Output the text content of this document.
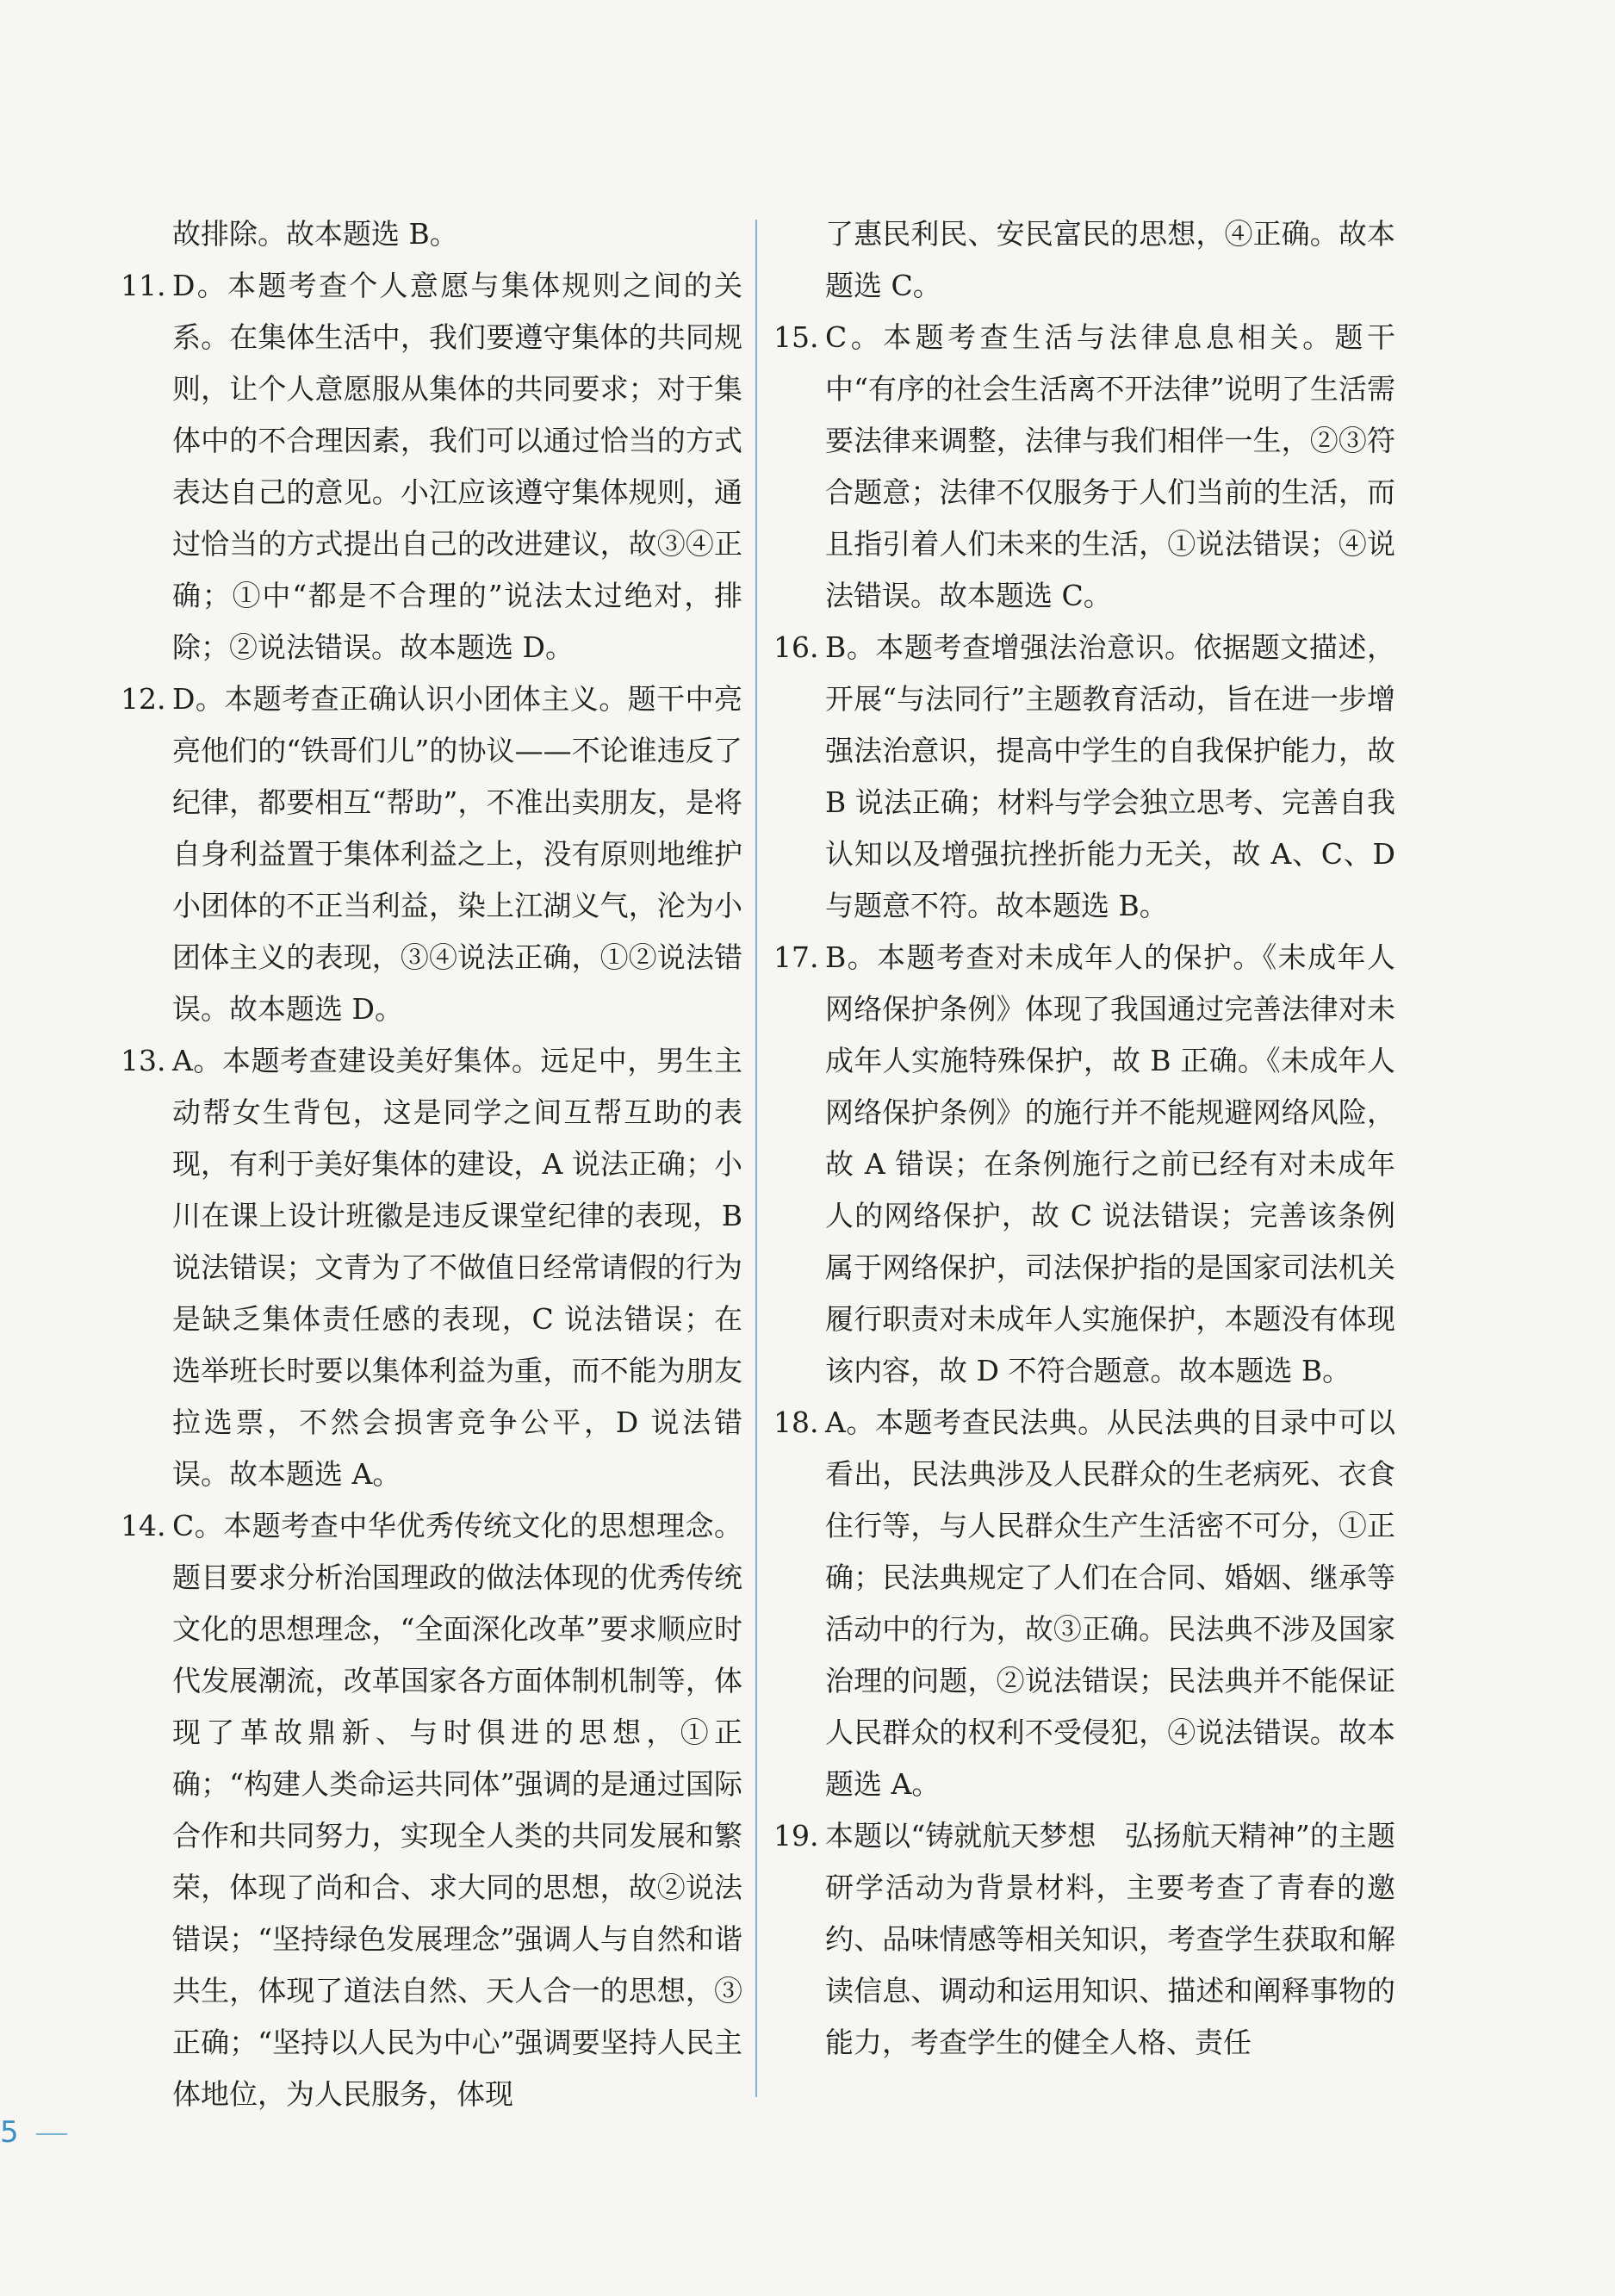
故排除。故本题选 B。

11. D。本题考查个人意愿与集体规则之间的关系。在集体生活中，我们要遵守集体的共同规则，让个人意愿服从集体的共同要求；对于集体中的不合理因素，我们可以通过恰当的方式表达自己的意见。小江应该遵守集体规则，通过恰当的方式提出自己的改进建议，故③④正确；①中“都是不合理的”说法太过绝对，排除；②说法错误。故本题选 D。

12. D。本题考查正确认识小团体主义。题干中亮亮他们的“铁哥们儿”的协议——不论谁违反了纪律，都要相互“帮助”，不准出卖朋友，是将自身利益置于集体利益之上，没有原则地维护小团体的不正当利益，染上江湖义气，沦为小团体主义的表现，③④说法正确，①②说法错误。故本题选 D。

13. A。本题考查建设美好集体。远足中，男生主动帮女生背包，这是同学之间互帮互助的表现，有利于美好集体的建设，A 说法正确；小川在课上设计班徽是违反课堂纪律的表现，B 说法错误；文青为了不做值日经常请假的行为是缺乏集体责任感的表现，C 说法错误；在选举班长时要以集体利益为重，而不能为朋友拉选票，不然会损害竞争公平，D 说法错误。故本题选 A。

14. C。本题考查中华优秀传统文化的思想理念。题目要求分析治国理政的做法体现的优秀传统文化的思想理念，“全面深化改革”要求顺应时代发展潮流，改革国家各方面体制机制等，体现了革故鼎新、与时俱进的思想，①正确；“构建人类命运共同体”强调的是通过国际合作和共同努力，实现全人类的共同发展和繁荣，体现了尚和合、求大同的思想，故②说法错误；“坚持绿色发展理念”强调人与自然和谐共生，体现了道法自然、天人合一的思想，③正确；“坚持以人民为中心”强调要坚持人民主体地位，为人民服务，体现

了惠民利民、安民富民的思想，④正确。故本题选 C。

15. C。本题考查生活与法律息息相关。题干中“有序的社会生活离不开法律”说明了生活需要法律来调整，法律与我们相伴一生，②③符合题意；法律不仅服务于人们当前的生活，而且指引着人们未来的生活，①说法错误；④说法错误。故本题选 C。

16. B。本题考查增强法治意识。依据题文描述，开展“与法同行”主题教育活动，旨在进一步增强法治意识，提高中学生的自我保护能力，故 B 说法正确；材料与学会独立思考、完善自我认知以及增强抗挫折能力无关，故 A、C、D 与题意不符。故本题选 B。

17. B。本题考查对未成年人的保护。《未成年人网络保护条例》体现了我国通过完善法律对未成年人实施特殊保护，故 B 正确。《未成年人网络保护条例》的施行并不能规避网络风险，故 A 错误；在条例施行之前已经有对未成年人的网络保护，故 C 说法错误；完善该条例属于网络保护，司法保护指的是国家司法机关履行职责对未成年人实施保护，本题没有体现该内容，故 D 不符合题意。故本题选 B。

18. A。本题考查民法典。从民法典的目录中可以看出，民法典涉及人民群众的生老病死、衣食住行等，与人民群众生产生活密不可分，①正确；民法典规定了人们在合同、婚姻、继承等活动中的行为，故③正确。民法典不涉及国家治理的问题，②说法错误；民法典并不能保证人民群众的权利不受侵犯，④说法错误。故本题选 A。

19. 本题以“铸就航天梦想　弘扬航天精神”的主题研学活动为背景材料，主要考查了青春的邀约、品味情感等相关知识，考查学生获取和解读信息、调动和运用知识、描述和阐释事物的能力，考查学生的健全人格、责任

5
